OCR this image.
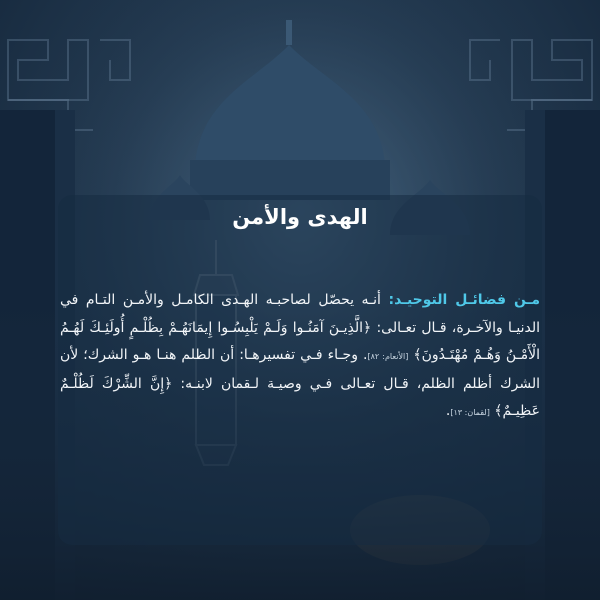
الهدى والأمن

مـن فضائـل التوحيـد: أنـه يحصّل لصاحبـه الهـدى الكامـل والأمـن التـام في الدنيـا والآخـرة، قـال تعـالى: ﴿الَّذِيـنَ آمَنُـوا وَلَـمْ يَلْبِسُـوا إِيمَانَهُـمْ بِظُلْـمٍ أُولَئِـكَ لَهُـمُ الْأَمْـنُ وَهُـمْ مُهْتَـدُونَ﴾ [الأنعام: ٨٢]. وجـاء فـي تفسيرهـا: أن الظلم هنـا هـو الشرك؛ لأن الشرك أظلم الظلم، قـال تعـالى فـي وصيـة لـقمان لابنـه: ﴿إِنَّ الشِّرْكَ لَظُلْـمٌ عَظِيـمٌ﴾ [لقمان: ١٣].
